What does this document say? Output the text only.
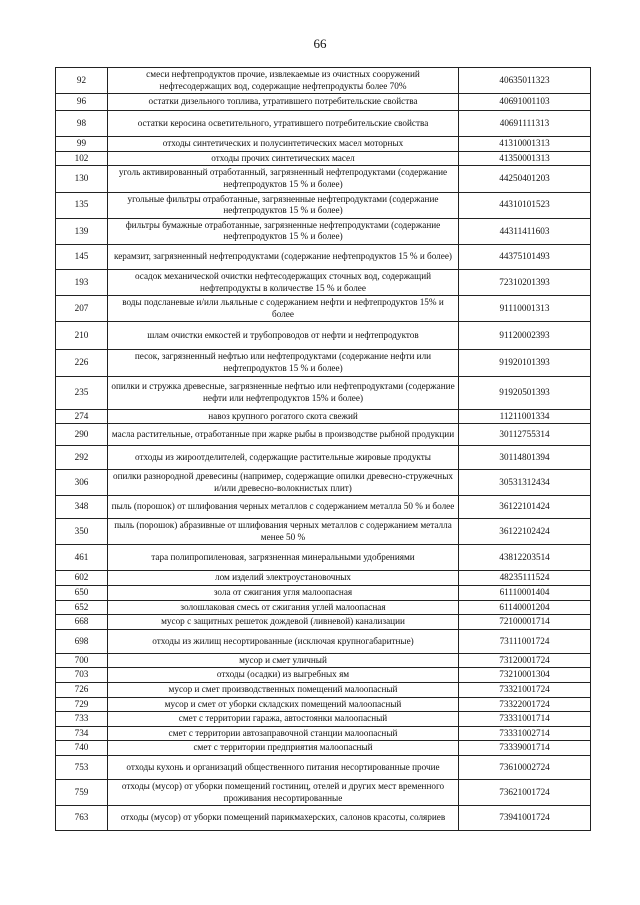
66
92	смеси нефтепродуктов прочие, извлекаемые из очистных сооружений нефтесодержащих вод, содержащие нефтепродукты более 70%	40635011323
96	остатки дизельного топлива, утратившего потребительские свойства	40691001103
98	остатки керосина осветительного, утратившего потребительские свойства	40691111313
99	отходы синтетических и полусинтетических масел моторных	41310001313
102	отходы прочих синтетических масел	41350001313
130	уголь активированный отработанный, загрязненный нефтепродуктами (содержание нефтепродуктов 15 % и более)	44250401203
135	угольные фильтры отработанные, загрязненные нефтепродуктами (содержание нефтепродуктов 15 % и более)	44310101523
139	фильтры бумажные отработанные, загрязненные нефтепродуктами (содержание нефтепродуктов 15 % и более)	44311411603
145	керамзит, загрязненный нефтепродуктами (содержание нефтепродуктов 15 % и более)	44375101493
193	осадок механической очистки нефтесодержащих сточных вод, содержащий нефтепродукты в количестве 15 % и более	72310201393
207	воды подсланевые и/или льяльные с содержанием нефти и нефтепродуктов 15% и более	91110001313
210	шлам очистки емкостей и трубопроводов от нефти и нефтепродуктов	91120002393
226	песок, загрязненный нефтью или нефтепродуктами (содержание нефти или нефтепродуктов 15 % и более)	91920101393
235	опилки и стружка древесные, загрязненные нефтью или нефтепродуктами (содержание нефти или нефтепродуктов 15% и более)	91920501393
274	навоз крупного рогатого скота свежий	11211001334
290	масла растительные, отработанные при жарке рыбы в производстве рыбной продукции	30112755314
292	отходы из жироотделителей, содержащие растительные жировые продукты	30114801394
306	опилки разнородной древесины (например, содержащие опилки древесно-стружечных и/или древесно-волокнистых плит)	30531312434
348	пыль (порошок) от шлифования черных металлов с содержанием металла 50 % и более	36122101424
350	пыль (порошок) абразивные от шлифования черных металлов с содержанием металла менее 50 %	36122102424
461	тара полипропиленовая, загрязненная минеральными удобрениями	43812203514
602	лом изделий электроустановочных	48235111524
650	зола от сжигания угля малоопасная	61110001404
652	золошлаковая смесь от сжигания углей малоопасная	61140001204
668	мусор с защитных решеток дождевой (ливневой) канализации	72100001714
698	отходы из жилищ несортированные (исключая крупногабаритные)	73111001724
700	мусор и смет уличный	73120001724
703	отходы (осадки) из выгребных ям	73210001304
726	мусор и смет производственных помещений малоопасный	73321001724
729	мусор и смет от уборки складских помещений малоопасный	73322001724
733	смет с территории гаража, автостоянки малоопасный	73331001714
734	смет с территории автозаправочной станции малоопасный	73331002714
740	смет с территории предприятия малоопасный	73339001714
753	отходы кухонь и организаций общественного питания несортированные прочие	73610002724
759	отходы (мусор) от уборки помещений гостиниц, отелей и других мест временного проживания несортированные	73621001724
763	отходы (мусор) от уборки помещений парикмахерских, салонов красоты, соляриев	73941001724
